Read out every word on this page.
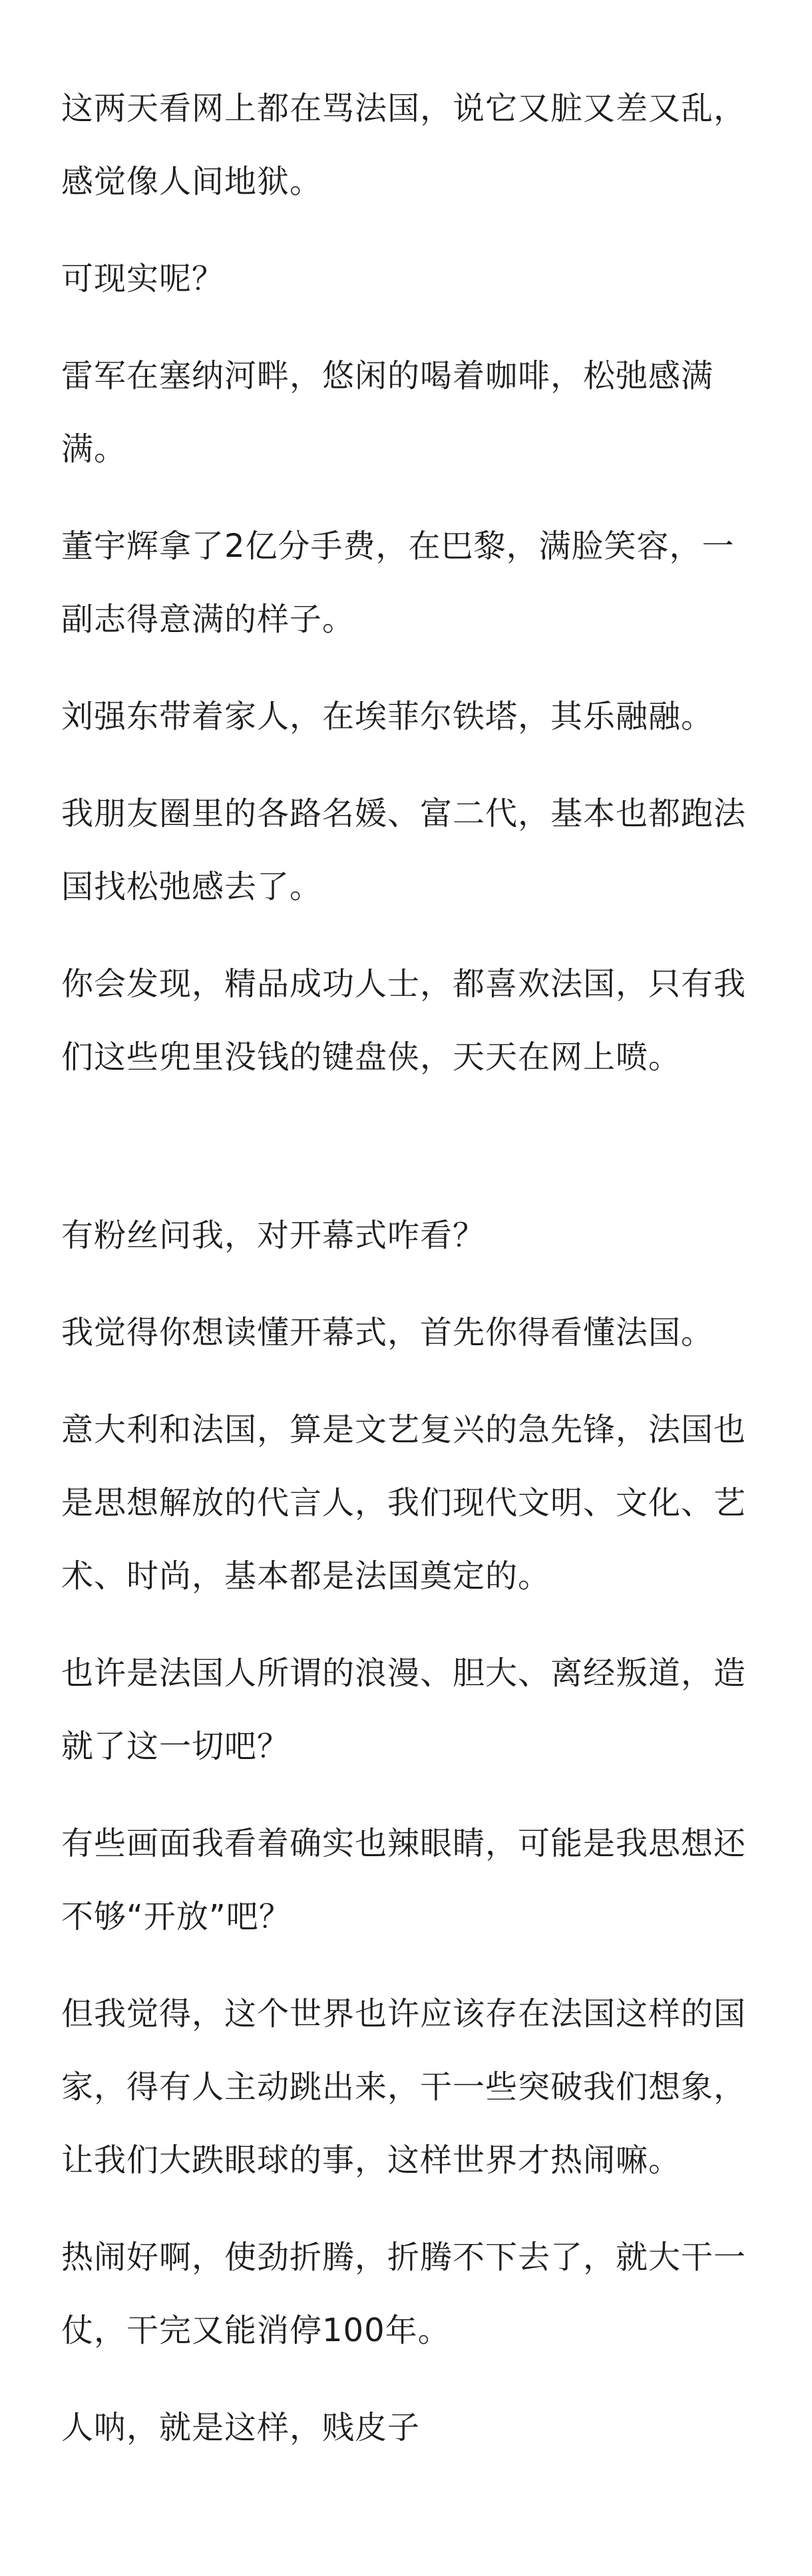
这两天看网上都在骂法国，说它又脏又差又乱，感觉像人间地狱。

可现实呢？

雷军在塞纳河畔，悠闲的喝着咖啡，松弛感满满。

董宇辉拿了2亿分手费，在巴黎，满脸笑容，一副志得意满的样子。

刘强东带着家人，在埃菲尔铁塔，其乐融融。

我朋友圈里的各路名媛、富二代，基本也都跑法国找松弛感去了。

你会发现，精品成功人士，都喜欢法国，只有我们这些兜里没钱的键盘侠，天天在网上喷。

有粉丝问我，对开幕式咋看？

我觉得你想读懂开幕式，首先你得看懂法国。

意大利和法国，算是文艺复兴的急先锋，法国也是思想解放的代言人，我们现代文明、文化、艺术、时尚，基本都是法国奠定的。

也许是法国人所谓的浪漫、胆大、离经叛道，造就了这一切吧？

有些画面我看着确实也辣眼睛，可能是我思想还不够“开放”吧？

但我觉得，这个世界也许应该存在法国这样的国家，得有人主动跳出来，干一些突破我们想象，让我们大跌眼球的事，这样世界才热闹嘛。

热闹好啊，使劲折腾，折腾不下去了，就大干一仗，干完又能消停100年。

人呐，就是这样，贱皮子
